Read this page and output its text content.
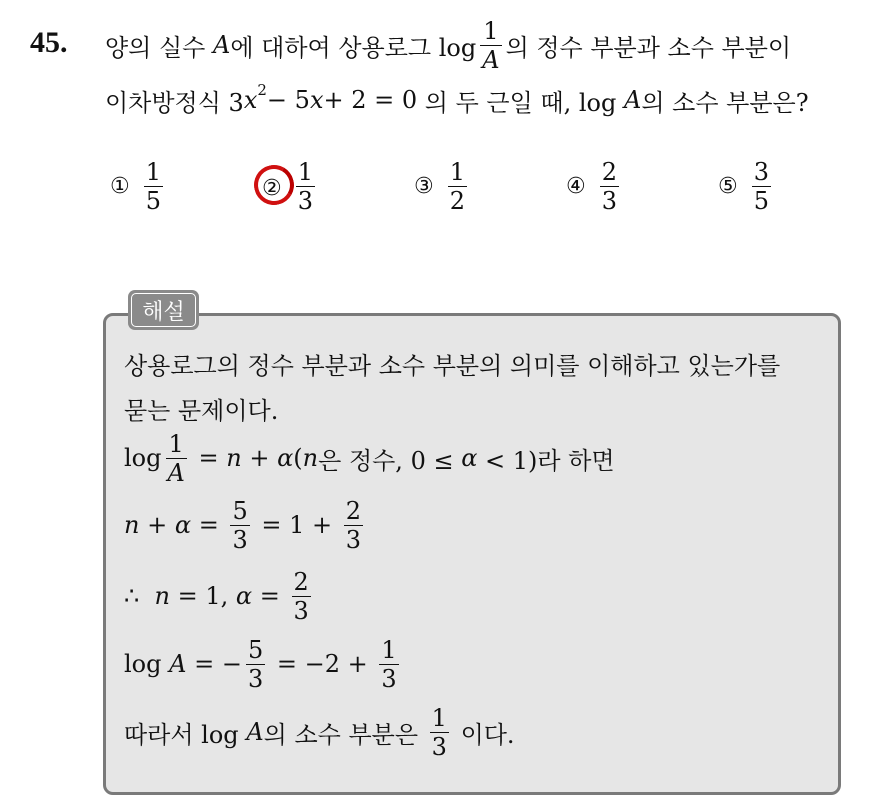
45. 양의 실수
A 에 대하여 상용로그 $\log \frac{1}{A}$ 의 정수 부분과 소수 부분이
이차방정식 3 x 2 − 5 x + 2 = 0
의 두 근일 때, log
A 의 소수 부분은?
① $\frac{1}{5}$	② $\frac{1}{3}$	③ $\frac{1}{2}$	④ $\frac{2}{3}$	⑤ $\frac{3}{5}$
해설
상용로그의 정수 부분과 소수 부분의 의미를 이해하고 있는가를
묻는 문제이다.
$\log \frac{1}{A} = n + \alpha$ ( n 은 정수, 0 ≤ α < 1)라 하면
$n + \alpha = \frac{5}{3} = 1 + \frac{2}{3}$
∴
n = 1, $\alpha = \frac{2}{3}$
log
A = − $\frac{5}{3} = -2 + \frac{1}{3}$
따라서 log
A 의 소수 부분은 $\frac{1}{3}$ 이다.
